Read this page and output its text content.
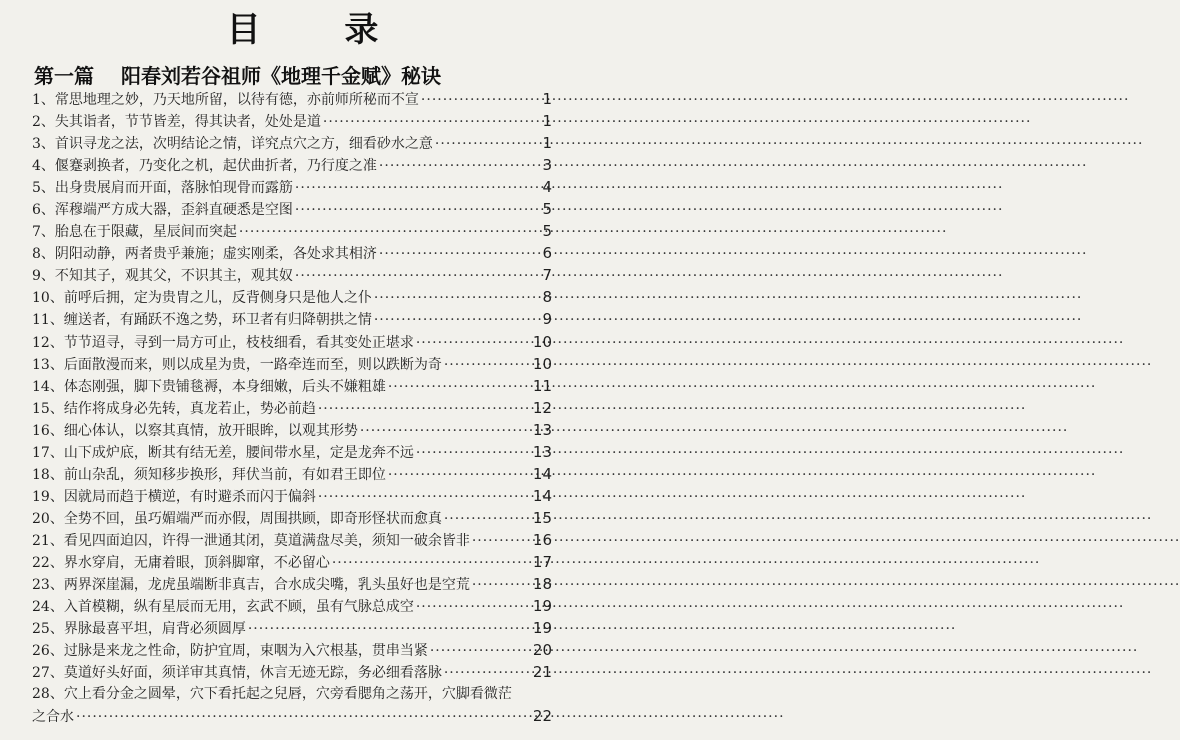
目 录
第一篇 阳春刘若谷祖师《地理千金赋》秘诀
1、 常思地理之妙，乃天地所留，以待有德，亦前师所秘而不宣 ·····	1
2、 失其诣者，节节皆差，得其诀者，处处是道 ·····	1
3、 首识寻龙之法，次明结论之情，详究点穴之方，细看砂水之意 ·····	1
4、 偃蹇剥换者，乃变化之机，起伏曲折者，乃行度之准 ·····	3
5、 出身贵展肩而开面，落脉怕现骨而露筋 ·····	4
6、 浑穆端严方成大器，歪斜直硬悉是空图 ·····	5
7、 胎息在于限藏，星辰间而突起 ·····	5
8、 阴阳动静，两者贵乎兼施；虚实刚柔，各处求其相济 ·····	6
9、 不知其子，观其父，不识其主，观其奴 ·····	7
10、 前呼后拥，定为贵胄之儿，反背侧身只是他人之仆 ·····	8
11、 缠送者，有踊跃不逸之势，环卫者有归降朝拱之情 ·····	9
12、 节节迢寻，寻到一局方可止，枝枝细看，看其变处正堪求 ·····	10
13、 后面散漫而来，则以成星为贵，一路牵连而至，则以跌断为奇 ·····	10
14、 体态刚强，脚下贵铺毯褥，本身细嫩，后头不嫌粗雄 ·····	11
15、 结作将成身必先转，真龙若止，势必前趋 ·····	12
16、 细心体认，以察其真情，放开眼眸，以观其形势 ·····	13
17、 山下成炉底，断其有结无差，腰间带水星，定是龙奔不远 ·····	13
18、 前山杂乱，须知移步换形，拜伏当前，有如君王即位 ·····	14
19、 因就局而趋于横逆，有时避杀而闪于偏斜 ·····	14
20、 全势不回，虽巧媚端严而亦假，周围拱顾，即奇形怪状而愈真 ·····	15
21、 看见四面迫囚，许得一泄通其闭，莫道满盘尽美，须知一破余皆非 ·····	16
22、 界水穿肩，无庸着眼，顶斜脚窜，不必留心 ·····	17
23、 两界深崖漏，龙虎虽端断非真吉，合水成尖嘴，乳头虽好也是空荒 ·····	18
24、 入首模糊，纵有星辰而无用，玄武不顾，虽有气脉总成空 ·····	19
25、 界脉最喜平坦，肩背必须圆厚 ·····	19
26、 过脉是来龙之性命，防护宜周，束咽为入穴根基，贯串当紧 ·····	20
27、 莫道好头好面，须详审其真情，休言无迹无踪，务必细看落脉 ·····	21
28、穴上看分金之圆晕，穴下看托起之兒唇，穴旁看腮角之荡开，穴脚看微茫
之合水 ·····	22
